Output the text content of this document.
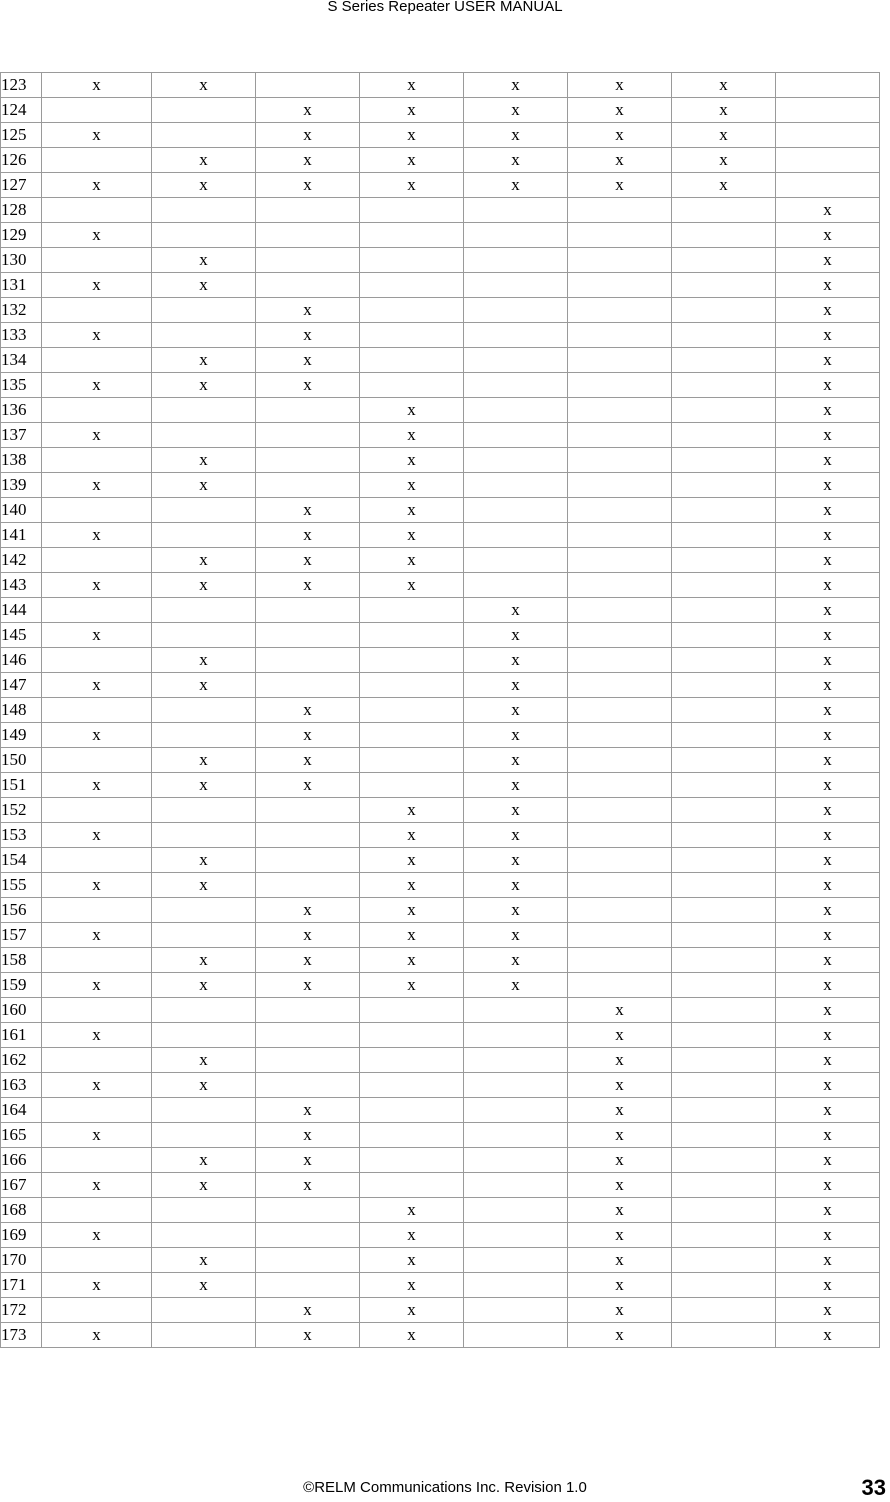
S Series Repeater USER MANUAL
123	x	x		x	x	x	x	
124			x	x	x	x	x	
125	x		x	x	x	x	x	
126		x	x	x	x	x	x	
127	x	x	x	x	x	x	x	
128								x
129	x							x
130		x						x
131	x	x						x
132			x					x
133	x		x					x
134		x	x					x
135	x	x	x					x
136				x				x
137	x			x				x
138		x		x				x
139	x	x		x				x
140			x	x				x
141	x		x	x				x
142		x	x	x				x
143	x	x	x	x				x
144					x			x
145	x				x			x
146		x			x			x
147	x	x			x			x
148			x		x			x
149	x		x		x			x
150		x	x		x			x
151	x	x	x		x			x
152				x	x			x
153	x			x	x			x
154		x		x	x			x
155	x	x		x	x			x
156			x	x	x			x
157	x		x	x	x			x
158		x	x	x	x			x
159	x	x	x	x	x			x
160						x		x
161	x					x		x
162		x				x		x
163	x	x				x		x
164			x			x		x
165	x		x			x		x
166		x	x			x		x
167	x	x	x			x		x
168				x		x		x
169	x			x		x		x
170		x		x		x		x
171	x	x		x		x		x
172			x	x		x		x
173	x		x	x		x		x
©RELM Communications Inc. Revision 1.0	33
